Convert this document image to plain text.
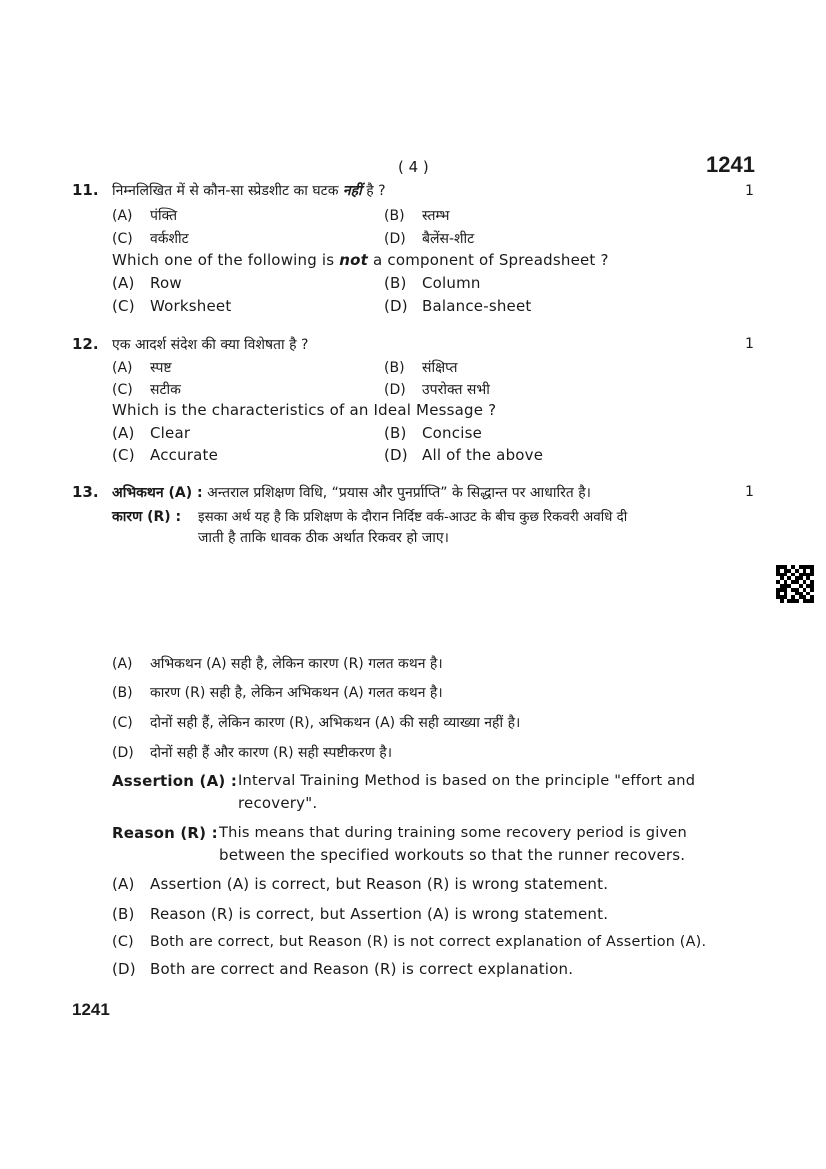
( 4 )	1241
11. निम्नलिखित में से कौन-सा स्प्रेडशीट का घटक नहीं है ?	1
(A) पंक्ति	(B) स्तम्भ
(C) वर्कशीट	(D) बैलेंस-शीट
Which one of the following is not a component of Spreadsheet ?
(A) Row	(B) Column
(C) Worksheet	(D) Balance-sheet
12. एक आदर्श संदेश की क्या विशेषता है ?	1
(A) स्पष्ट	(B) संक्षिप्त
(C) सटीक	(D) उपरोक्त सभी
Which is the characteristics of an Ideal Message ?
(A) Clear	(B) Concise
(C) Accurate	(D) All of the above
13. अभिकथन (A) : अन्तराल प्रशिक्षण विधि, “प्रयास और पुनर्प्राप्ति” के सिद्धान्त पर आधारित है।	1
कारण (R) : इसका अर्थ यह है कि प्रशिक्षण के दौरान निर्दिष्ट वर्क-आउट के बीच कुछ रिकवरी अवधि दी
जाती है ताकि धावक ठीक अर्थात रिकवर हो जाए।
(A) अभिकथन (A) सही है, लेकिन कारण (R) गलत कथन है।
(B) कारण (R) सही है, लेकिन अभिकथन (A) गलत कथन है।
(C) दोनों सही हैं, लेकिन कारण (R), अभिकथन (A) की सही व्याख्या नहीं है।
(D) दोनों सही हैं और कारण (R) सही स्पष्टीकरण है।
Assertion (A) : Interval Training Method is based on the principle "effort and
recovery".
Reason (R) : This means that during training some recovery period is given
between the specified workouts so that the runner recovers.
(A) Assertion (A) is correct, but Reason (R) is wrong statement.
(B) Reason (R) is correct, but Assertion (A) is wrong statement.
(C) Both are correct, but Reason (R) is not correct explanation of Assertion (A).
(D) Both are correct and Reason (R) is correct explanation.
1241
